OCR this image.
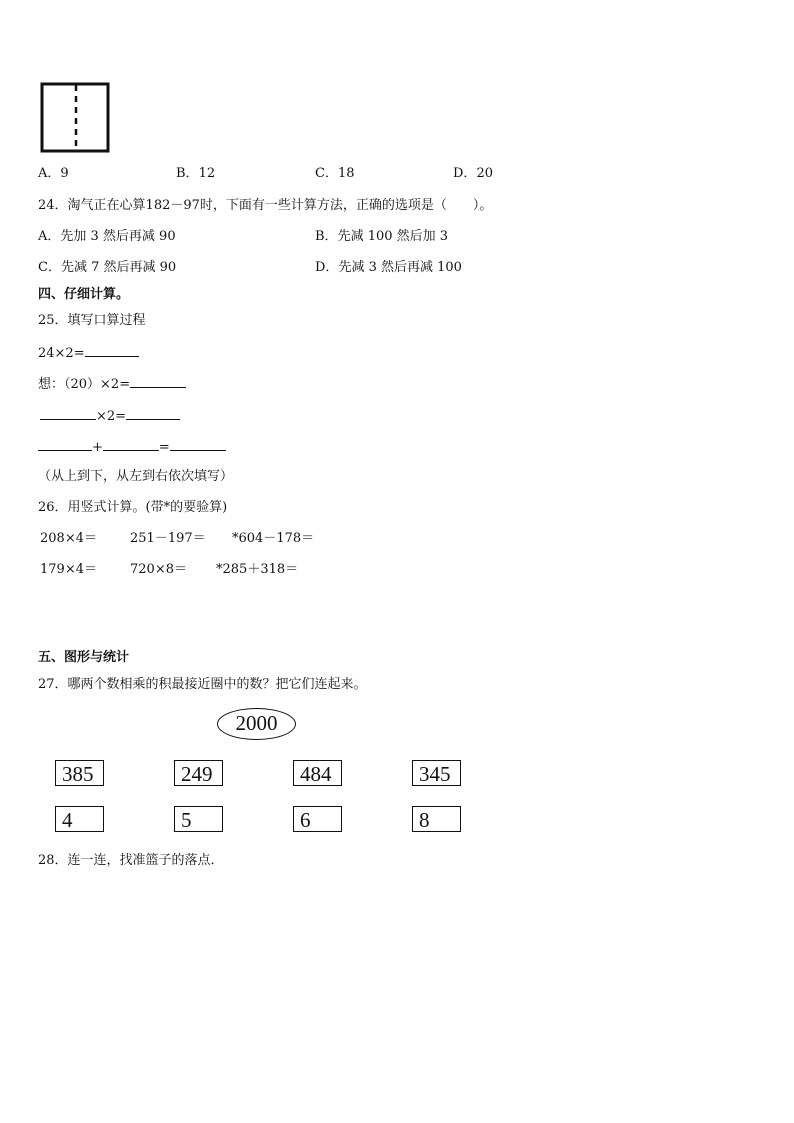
A．9	B．12	C．18	D．20
24．淘气正在心算182－97时，下面有一些计算方法，正确的选项是（　　）。
A．先加 3 然后再减 90	B．先减 100 然后加 3
C．先减 7 然后再减 90	D．先减 3 然后再减 100
四、仔细计算。
25．填写口算过程
24×2=
想：（20）×2=
×2=
+	=
（从上到下，从左到右依次填写）
26．用竖式计算。(带*的要验算)
208×4＝	251－197＝ *604－178＝
179×4＝	720×8＝ *285＋318＝
五、图形与统计
27．哪两个数相乘的积最接近圈中的数？把它们连起来。
2000
385	249	484	345
4	5	6	8
28．连一连，找准篮子的落点．
